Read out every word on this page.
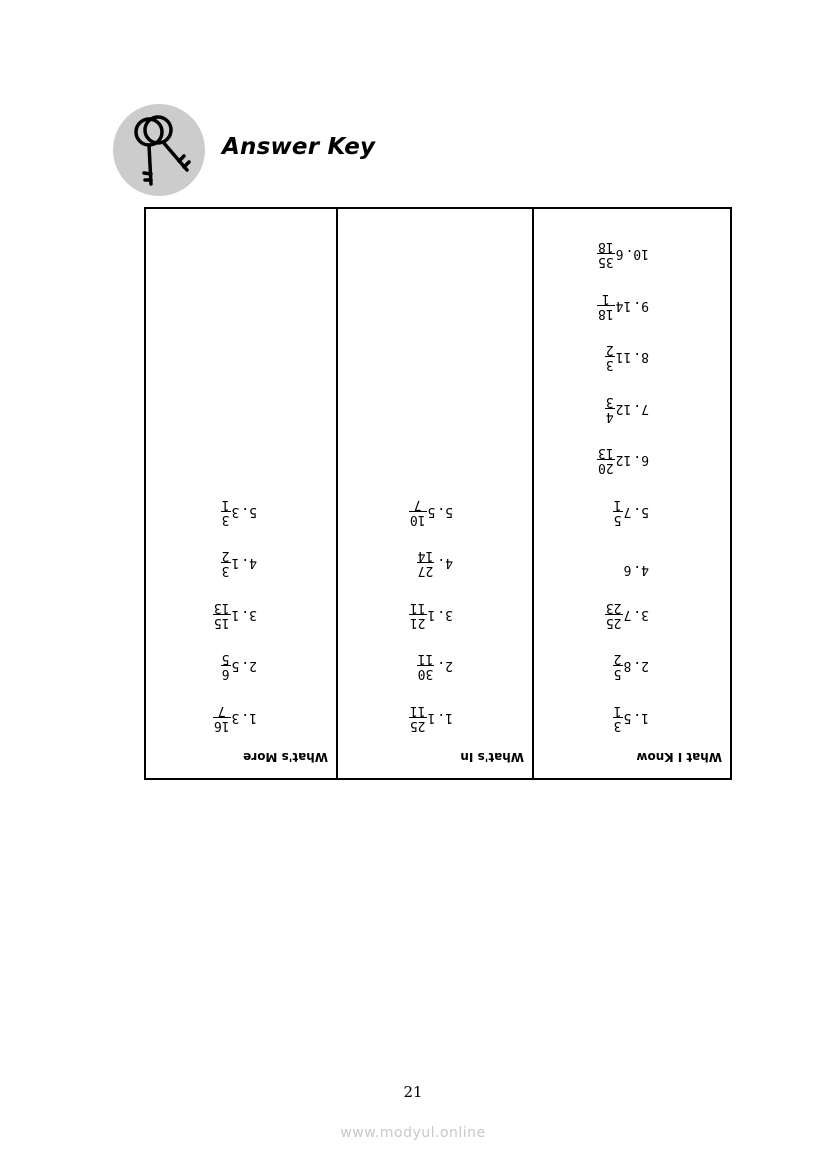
Answer Key
What I Know
1.
5
3
1
2.
8
5
2
3.
7
25
23
4.
6
5.
7
5
1
6.
12
20
13
7.
12
4
3
8.
11
3
2
9.
14
18
1
10.
6
35
18
What's In
1.
1
25
11
2.
30
11
3.
1
21
11
4.
27
14
5.
5
10
7
What's More
1.
3
16
7
2.
5
6
5
3.
1
15
13
4.
1
3
2
5.
3
3
1
21
www.modyul.online
